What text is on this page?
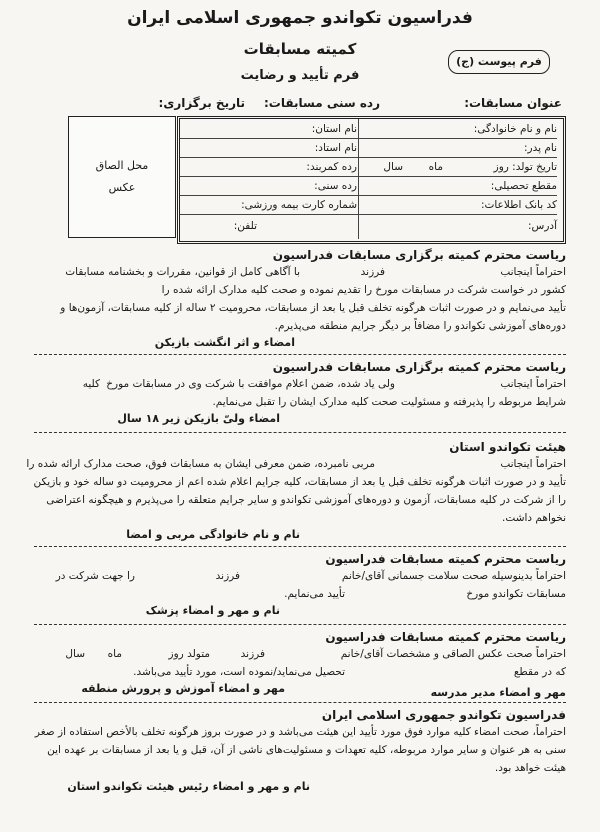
فدراسیون تکواندو جمهوری اسلامی ایران
کمیته مسابقات
فرم تأیید و رضایت
فرم پیوست (ج)
عنوان مسابقات:
رده سنی مسابقات:
تاریخ برگزاری:
نام و نام خانوادگی:
نام استان:
نام پدر:
نام استاد:
تاریخ تولد: روز
ماه
سال
رده کمربند:
مقطع تحصیلی:
رده سنی:
کد بانک اطلاعات:
شماره کارت بیمه ورزشی:
آدرس:
تلفن:
محل الصاق
عکس
ریاست محترم کمیته برگزاری مسابقات فدراسیون
احتراماً اینجانب
فرزند
با آگاهی کامل از قوانین، مقررات و بخشنامه مسابقات
کشور در خواست شرکت در مسابقات مورخ را تقدیم نموده و صحت کلیه مدارک ارائه شده را
تأیید می‌نمایم و در صورت اثبات هرگونه تخلف قبل یا بعد از مسابقات، محرومیت ۲ ساله از کلیه مسابقات، آزمون‌ها و
دوره‌های آموزشی تکواندو را مضافاً بر دیگر جرایم منطقه می‌پذیرم.
امضاء و اثر انگشت بازیکن
ریاست محترم کمیته برگزاری مسابقات فدراسیون
احتراماً اینجانب
ولی یاد شده، ضمن اعلام موافقت با شرکت وی در مسابقات مورخ
کلیه
شرایط مربوطه را پذیرفته و مسئولیت صحت کلیه مدارک ایشان را تقبل می‌نمایم.
امضاء ولیّ بازیکن زیر ۱۸ سال
هیئت تکواندو استان
احتراماً اینجانب
مربی نامبرده، ضمن معرفی ایشان به مسابقات فوق، صحت مدارک ارائه شده را
تأیید و در صورت اثبات هرگونه تخلف قبل یا بعد از مسابقات، کلیه جرایم اعلام شده اعم از محرومیت دو ساله خود و بازیکن
را از شرکت در کلیه مسابقات، آزمون و دوره‌های آموزشی تکواندو و سایر جرایم متعلقه را می‌پذیرم و هیچگونه اعتراضی
نخواهم داشت.
نام و نام خانوادگی مربی و امضا
ریاست محترم کمیته مسابقات فدراسیون
احتراماً بدینوسیله صحت سلامت جسمانی آقای/خانم
فرزند
را جهت شرکت در
مسابقات تکواندو مورخ
تأیید می‌نمایم.
نام و مهر و امضاء پزشک
ریاست محترم کمیته مسابقات فدراسیون
احتراماً صحت عکس الصاقی و مشخصات آقای/خانم
فرزند
متولد روز
ماه
سال
که در مقطع
تحصیل می‌نماید/نموده است، مورد تأیید می‌باشد.
مهر و امضاء مدیر مدرسه
مهر و امضاء آموزش و پرورش منطقه
فدراسیون تکواندو جمهوری اسلامی ایران
احتراماً، صحت امضاء کلیه موارد فوق مورد تأیید این هیئت می‌باشد و در صورت بروز هرگونه تخلف بالأخص استفاده از صغر
سنی به هر عنوان و سایر موارد مربوطه، کلیه تعهدات و مسئولیت‌های ناشی از آن، قبل و یا بعد از مسابقات بر عهده این
هیئت خواهد بود.
نام و مهر و امضاء رئیس هیئت تکواندو استان
